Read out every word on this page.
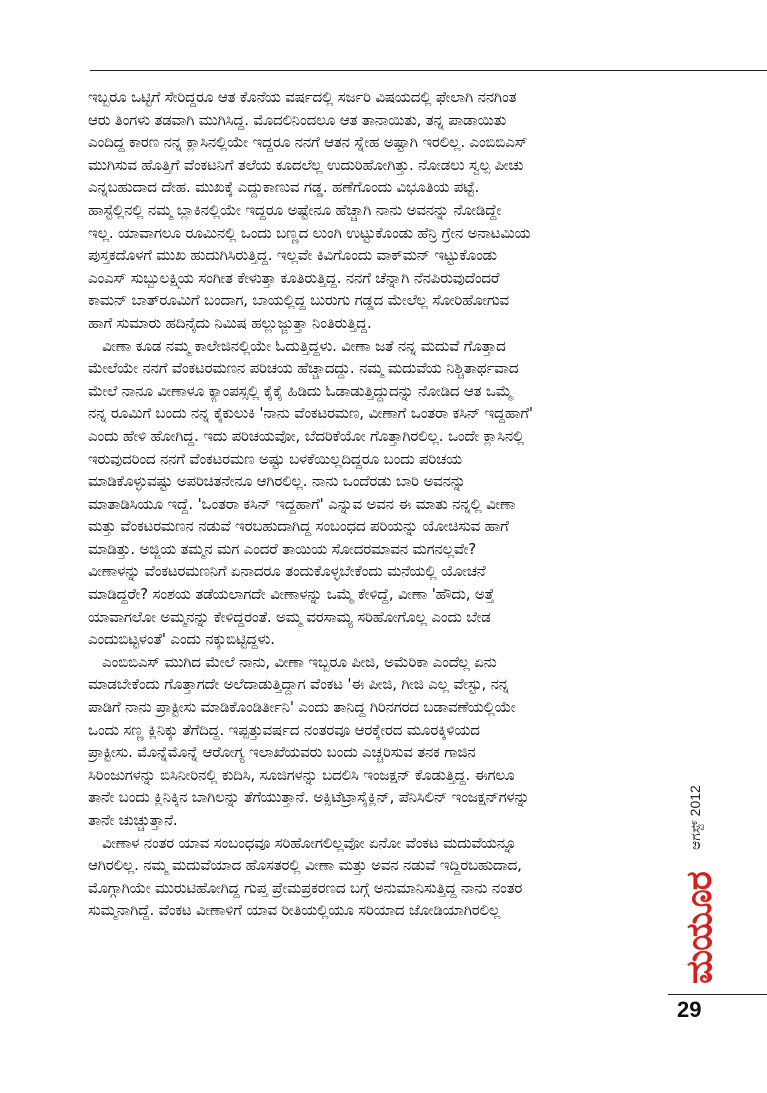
ಇಬ್ಬರೂ ಒಟ್ಟಿಗೆ ಸೇರಿದ್ದರೂ ಆತ ಕೊನೆಯ ವರ್ಷದಲ್ಲಿ ಸರ್ಜರಿ ವಿಷಯದಲ್ಲಿ ಫೇಲಾಗಿ ನನಗಿಂತ
ಆರು ತಿಂಗಳು ತಡವಾಗಿ ಮುಗಿಸಿದ್ದ. ಮೊದಲಿನಿಂದಲೂ ಆತ ತಾನಾಯಿತು, ತನ್ನ ಪಾಡಾಯಿತು
ಎಂದಿದ್ದ ಕಾರಣ ನನ್ನ ಕ್ಲಾಸಿನಲ್ಲಿಯೇ ಇದ್ದರೂ ನನಗೆ ಆತನ ಸ್ನೇಹ ಅಷ್ಟಾಗಿ ಇರಲಿಲ್ಲ. ಎಂಬಿಬಿಎಸ್
ಮುಗಿಸುವ ಹೊತ್ತಿಗೆ ವೆಂಕಟನಿಗೆ ತಲೆಯ ಕೂದಲೆಲ್ಲ ಉದುರಿಹೋಗಿತ್ತು. ನೋಡಲು ಸ್ವಲ್ಪ ಪೀಚು
ಎನ್ನಬಹುದಾದ ದೇಹ. ಮುಖಕ್ಕೆ ಎದ್ದುಕಾಣುವ ಗಡ್ಡ. ಹಣೆಗೊಂದು ವಿಭೂತಿಯ ಪಟ್ಟೆ.
ಹಾಸ್ಟೆಲ್ಲಿನಲ್ಲಿ ನಮ್ಮ ಬ್ಲಾಕಿನಲ್ಲಿಯೇ ಇದ್ದರೂ ಅಷ್ಟೇನೂ ಹೆಚ್ಚಾಗಿ ನಾನು ಅವನನ್ನು ನೋಡಿದ್ದೇ
ಇಲ್ಲ. ಯಾವಾಗಲೂ ರೂಮಿನಲ್ಲಿ ಒಂದು ಬಣ್ಣದ ಲುಂಗಿ ಉಟ್ಟುಕೊಂಡು ಹೆನ್ರಿ ಗ್ರೇನ ಅನಾಟಮಿಯ
ಪುಸ್ತಕದೊಳಗೆ ಮುಖ ಹುದುಗಿಸಿರುತ್ತಿದ್ದ. ಇಲ್ಲವೇ ಕಿವಿಗೊಂದು ವಾಕ್‌ಮನ್ ಇಟ್ಟುಕೊಂಡು
ಎಂಎಸ್ ಸುಬ್ಬುಲಕ್ಷ್ಮಿಯ ಸಂಗೀತ ಕೇಳುತ್ತಾ ಕೂತಿರುತ್ತಿದ್ದ. ನನಗೆ ಚೆನ್ನಾಗಿ ನೆನಪಿರುವುದೆಂದರೆ
ಕಾಮನ್ ಬಾತ್‌ರೂಮಿಗೆ ಬಂದಾಗ, ಬಾಯಲ್ಲಿದ್ದ ಬುರುಗು ಗಡ್ಡದ ಮೇಲೆಲ್ಲ ಸೋರಿಹೋಗುವ
ಹಾಗೆ ಸುಮಾರು ಹದಿನೈದು ನಿಮಿಷ ಹಲ್ಲುಜ್ಜುತ್ತಾ ನಿಂತಿರುತ್ತಿದ್ದ.

ವೀಣಾ ಕೂಡ ನಮ್ಮ ಕಾಲೇಜಿನಲ್ಲಿಯೇ ಓದುತ್ತಿದ್ದಳು. ವೀಣಾ ಜತೆ ನನ್ನ ಮದುವೆ ಗೊತ್ತಾದ
ಮೇಲೆಯೇ ನನಗೆ ವೆಂಕಟರಮಣನ ಪರಿಚಯ ಹೆಚ್ಚಾದದ್ದು. ನಮ್ಮ ಮದುವೆಯ ನಿಶ್ಚಿತಾರ್ಥವಾದ
ಮೇಲೆ ನಾನೂ ವೀಣಾಳೂ ಕ್ಯಾಂಪಸ್ಸಲ್ಲಿ ಕೈಕೈ ಹಿಡಿದು ಓಡಾಡುತ್ತಿದ್ದುದನ್ನು ನೋಡಿದ ಆತ ಒಮ್ಮೆ
ನನ್ನ ರೂಮಿಗೆ ಬಂದು ನನ್ನ ಕೈಕುಲುಕಿ 'ನಾನು ವೆಂಕಟರಮಣ, ವೀಣಾಗೆ ಒಂತರಾ ಕಸಿನ್ ಇದ್ದಹಾಗೆ'
ಎಂದು ಹೇಳಿ ಹೋಗಿದ್ದ. ಇದು ಪರಿಚಯವೋ, ಬೆದರಿಕೆಯೋ ಗೊತ್ತಾಗಿರಲಿಲ್ಲ. ಒಂದೇ ಕ್ಲಾಸಿನಲ್ಲಿ
ಇರುವುದರಿಂದ ನನಗೆ ವೆಂಕಟರಮಣ ಅಷ್ಟು ಬಳಕೆಯಿಲ್ಲದಿದ್ದರೂ ಬಂದು ಪರಿಚಯ
ಮಾಡಿಕೊಳ್ಳುವಷ್ಟು ಅಪರಿಚಿತನೇನೂ ಆಗಿರಲಿಲ್ಲ. ನಾನು ಒಂದೆರಡು ಬಾರಿ ಅವನನ್ನು
ಮಾತಾಡಿಸಿಯೂ ಇದ್ದೆ. 'ಒಂತರಾ ಕಸಿನ್ ಇದ್ದಹಾಗೆ' ಎನ್ನುವ ಅವನ ಈ ಮಾತು ನನ್ನಲ್ಲಿ ವೀಣಾ
ಮತ್ತು ವೆಂಕಟರಮಣನ ನಡುವೆ ಇರಬಹುದಾಗಿದ್ದ ಸಂಬಂಧದ ಪರಿಯನ್ನು ಯೋಚಿಸುವ ಹಾಗೆ
ಮಾಡಿತ್ತು. ಅಜ್ಜಿಯ ತಮ್ಮನ ಮಗ ಎಂದರೆ ತಾಯಿಯ ಸೋದರಮಾವನ ಮಗನಲ್ಲವೇ?
ವೀಣಾಳನ್ನು ವೆಂಕಟರಮಣನಿಗೆ ಏನಾದರೂ ತಂದುಕೊಳ್ಳಬೇಕೆಂದು ಮನೆಯಲ್ಲಿ ಯೋಚನೆ
ಮಾಡಿದ್ದರೇ? ಸಂಶಯ ತಡೆಯಲಾಗದೇ ವೀಣಾಳನ್ನು ಒಮ್ಮೆ ಕೇಳಿದ್ದೆ, ವೀಣಾ 'ಹೌದು, ಅತ್ತೆ
ಯಾವಾಗಲೋ ಅಮ್ಮನನ್ನು ಕೇಳಿದ್ದರಂತೆ. ಅಮ್ಮ ವರಸಾಮ್ಯ ಸರಿಹೋಗೊಲ್ಲ ಎಂದು ಬೇಡ
ಎಂದುಬಿಟ್ಟಳಂತೆ' ಎಂದು ನಕ್ಕುಬಿಟ್ಟಿದ್ದಳು.

ಎಂಬಿಬಿಎಸ್ ಮುಗಿದ ಮೇಲೆ ನಾನು, ವೀಣಾ ಇಬ್ಬರೂ ಪೀಜಿ, ಅಮೆರಿಕಾ ಎಂದೆಲ್ಲ ಏನು
ಮಾಡಬೇಕೆಂದು ಗೊತ್ತಾಗದೇ ಅಲೆದಾಡುತ್ತಿದ್ದಾಗ ವೆಂಕಟ 'ಈ ಪೀಜಿ, ಗೀಜಿ ಎಲ್ಲ ವೇಸ್ಟು, ನನ್ನ
ಪಾಡಿಗೆ ನಾನು ಪ್ರಾಕ್ಟೀಸು ಮಾಡಿಕೊಂಡಿರ್ತೀನಿ' ಎಂದು ತಾನಿದ್ದ ಗಿರಿನಗರದ ಬಡಾವಣೆಯಲ್ಲಿಯೇ
ಒಂದು ಸಣ್ಣ ಕ್ಲಿನಿಕ್ಕು ತೆಗೆದಿದ್ದ. ಇಪ್ಪತ್ತುವರ್ಷದ ನಂತರವೂ ಆರಕ್ಕೇರದ ಮೂರಕ್ಕಿಳಿಯದ
ಪ್ರಾಕ್ಟೀಸು. ಮೊನ್ನೆಮೊನ್ನೆ ಆರೋಗ್ಯ ಇಲಾಖೆಯವರು ಬಂದು ಎಚ್ಚರಿಸುವ ತನಕ ಗಾಜಿನ
ಸಿರಿಂಜುಗಳನ್ನು ಬಿಸಿನೀರಿನಲ್ಲಿ ಕುದಿಸಿ, ಸೂಜಿಗಳನ್ನು ಬದಲಿಸಿ ಇಂಜಕ್ಷನ್ ಕೊಡುತ್ತಿದ್ದ. ಈಗಲೂ
ತಾನೇ ಬಂದು ಕ್ಲಿನಿಕ್ಕಿನ ಬಾಗಿಲನ್ನು ತೆಗೆಯುತ್ತಾನೆ. ಅಕ್ಸಿಟೆಟ್ರಾಸೈಕ್ಲಿನ್, ಪೆನಿಸಿಲಿನ್ ಇಂಜಕ್ಷನ್‌ಗಳನ್ನು
ತಾನೇ ಚುಚ್ಚುತ್ತಾನೆ.

ವೀಣಾಳ ನಂತರ ಯಾವ ಸಂಬಂಧವೂ ಸರಿಹೋಗಲಿಲ್ಲವೋ ಏನೋ ವೆಂಕಟ ಮದುವೆಯನ್ನೂ
ಆಗಿರಲಿಲ್ಲ. ನಮ್ಮ ಮದುವೆಯಾದ ಹೊಸತರಲ್ಲಿ ವೀಣಾ ಮತ್ತು ಅವನ ನಡುವೆ ಇದ್ದಿರಬಹುದಾದ,
ಮೊಗ್ಗಾಗಿಯೇ ಮುರುಟಿಹೋಗಿದ್ದ ಗುಪ್ತ ಪ್ರೇಮಪ್ರಕರಣದ ಬಗ್ಗೆ ಅನುಮಾನಿಸುತ್ತಿದ್ದ ನಾನು ನಂತರ
ಸುಮ್ಮನಾಗಿದ್ದೆ. ವೆಂಕಟ ವೀಣಾಳಿಗೆ ಯಾವ ರೀತಿಯಲ್ಲಿಯೂ ಸರಿಯಾದ ಜೋಡಿಯಾಗಿರಲಿಲ್ಲ

ಆಗಸ್ಟ್ 2012
ಮಯೂರ
29
